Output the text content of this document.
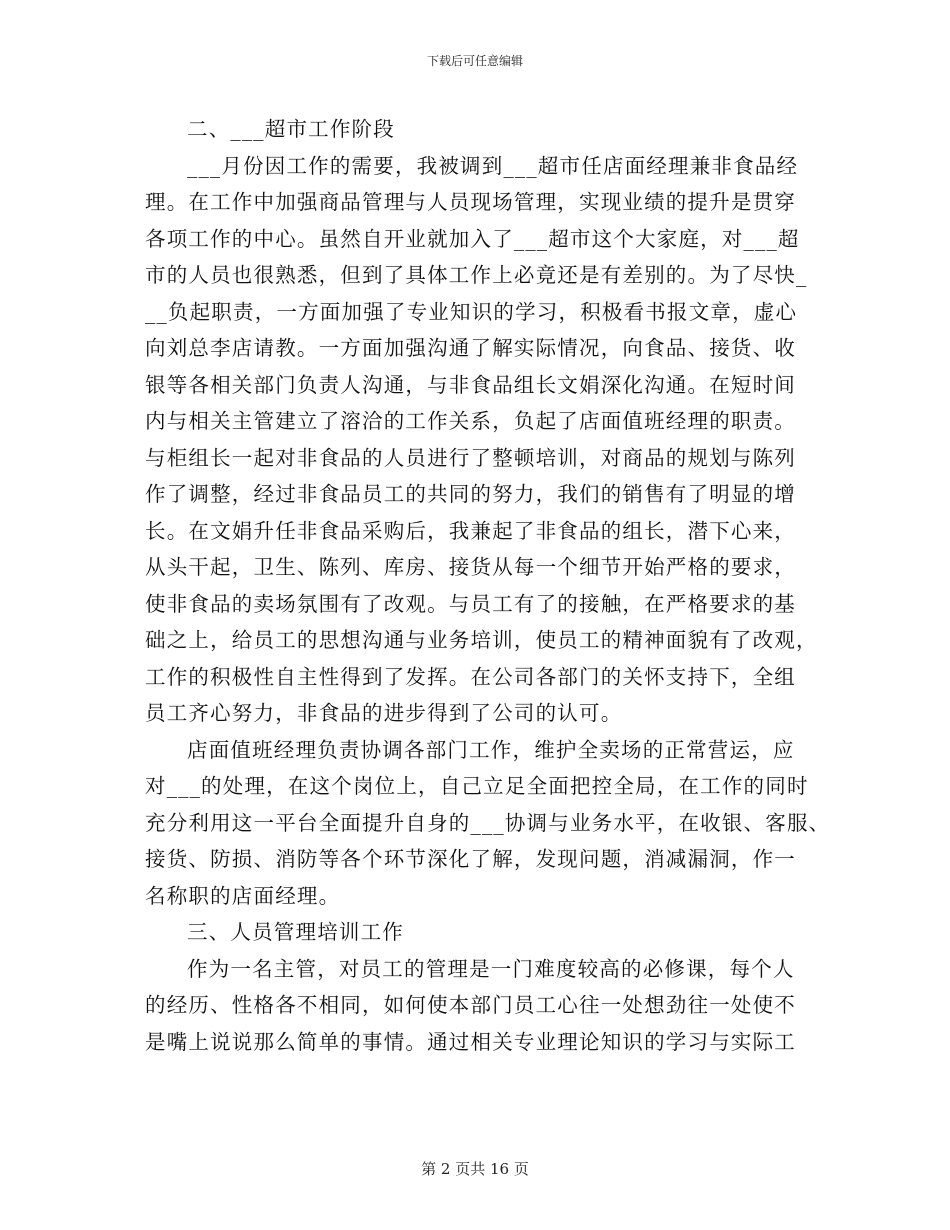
下载后可任意编辑
二、___超市工作阶段
___月份因工作的需要，我被调到___超市任店面经理兼非食品经
理。在工作中加强商品管理与人员现场管理，实现业绩的提升是贯穿
各项工作的中心。虽然自开业就加入了___超市这个大家庭，对___超
市的人员也很熟悉，但到了具体工作上必竟还是有差别的。为了尽快_
__负起职责，一方面加强了专业知识的学习，积极看书报文章，虚心
向刘总李店请教。一方面加强沟通了解实际情况，向食品、接货、收
银等各相关部门负责人沟通，与非食品组长文娟深化沟通。在短时间
内与相关主管建立了溶洽的工作关系，负起了店面值班经理的职责。
与柜组长一起对非食品的人员进行了整顿培训，对商品的规划与陈列
作了调整，经过非食品员工的共同的努力，我们的销售有了明显的增
长。在文娟升任非食品采购后，我兼起了非食品的组长，潜下心来，
从头干起，卫生、陈列、库房、接货从每一个细节开始严格的要求，
使非食品的卖场氛围有了改观。与员工有了的接触，在严格要求的基
础之上，给员工的思想沟通与业务培训，使员工的精神面貌有了改观，
工作的积极性自主性得到了发挥。在公司各部门的关怀支持下，全组
员工齐心努力，非食品的进步得到了公司的认可。
店面值班经理负责协调各部门工作，维护全卖场的正常营运，应
对___的处理，在这个岗位上，自己立足全面把控全局，在工作的同时
充分利用这一平台全面提升自身的___协调与业务水平，在收银、客服、
接货、防损、消防等各个环节深化了解，发现问题，消减漏洞，作一
名称职的店面经理。
三、人员管理培训工作
作为一名主管，对员工的管理是一门难度较高的必修课，每个人
的经历、性格各不相同，如何使本部门员工心往一处想劲往一处使不
是嘴上说说那么简单的事情。通过相关专业理论知识的学习与实际工
第 2 页共 16 页
